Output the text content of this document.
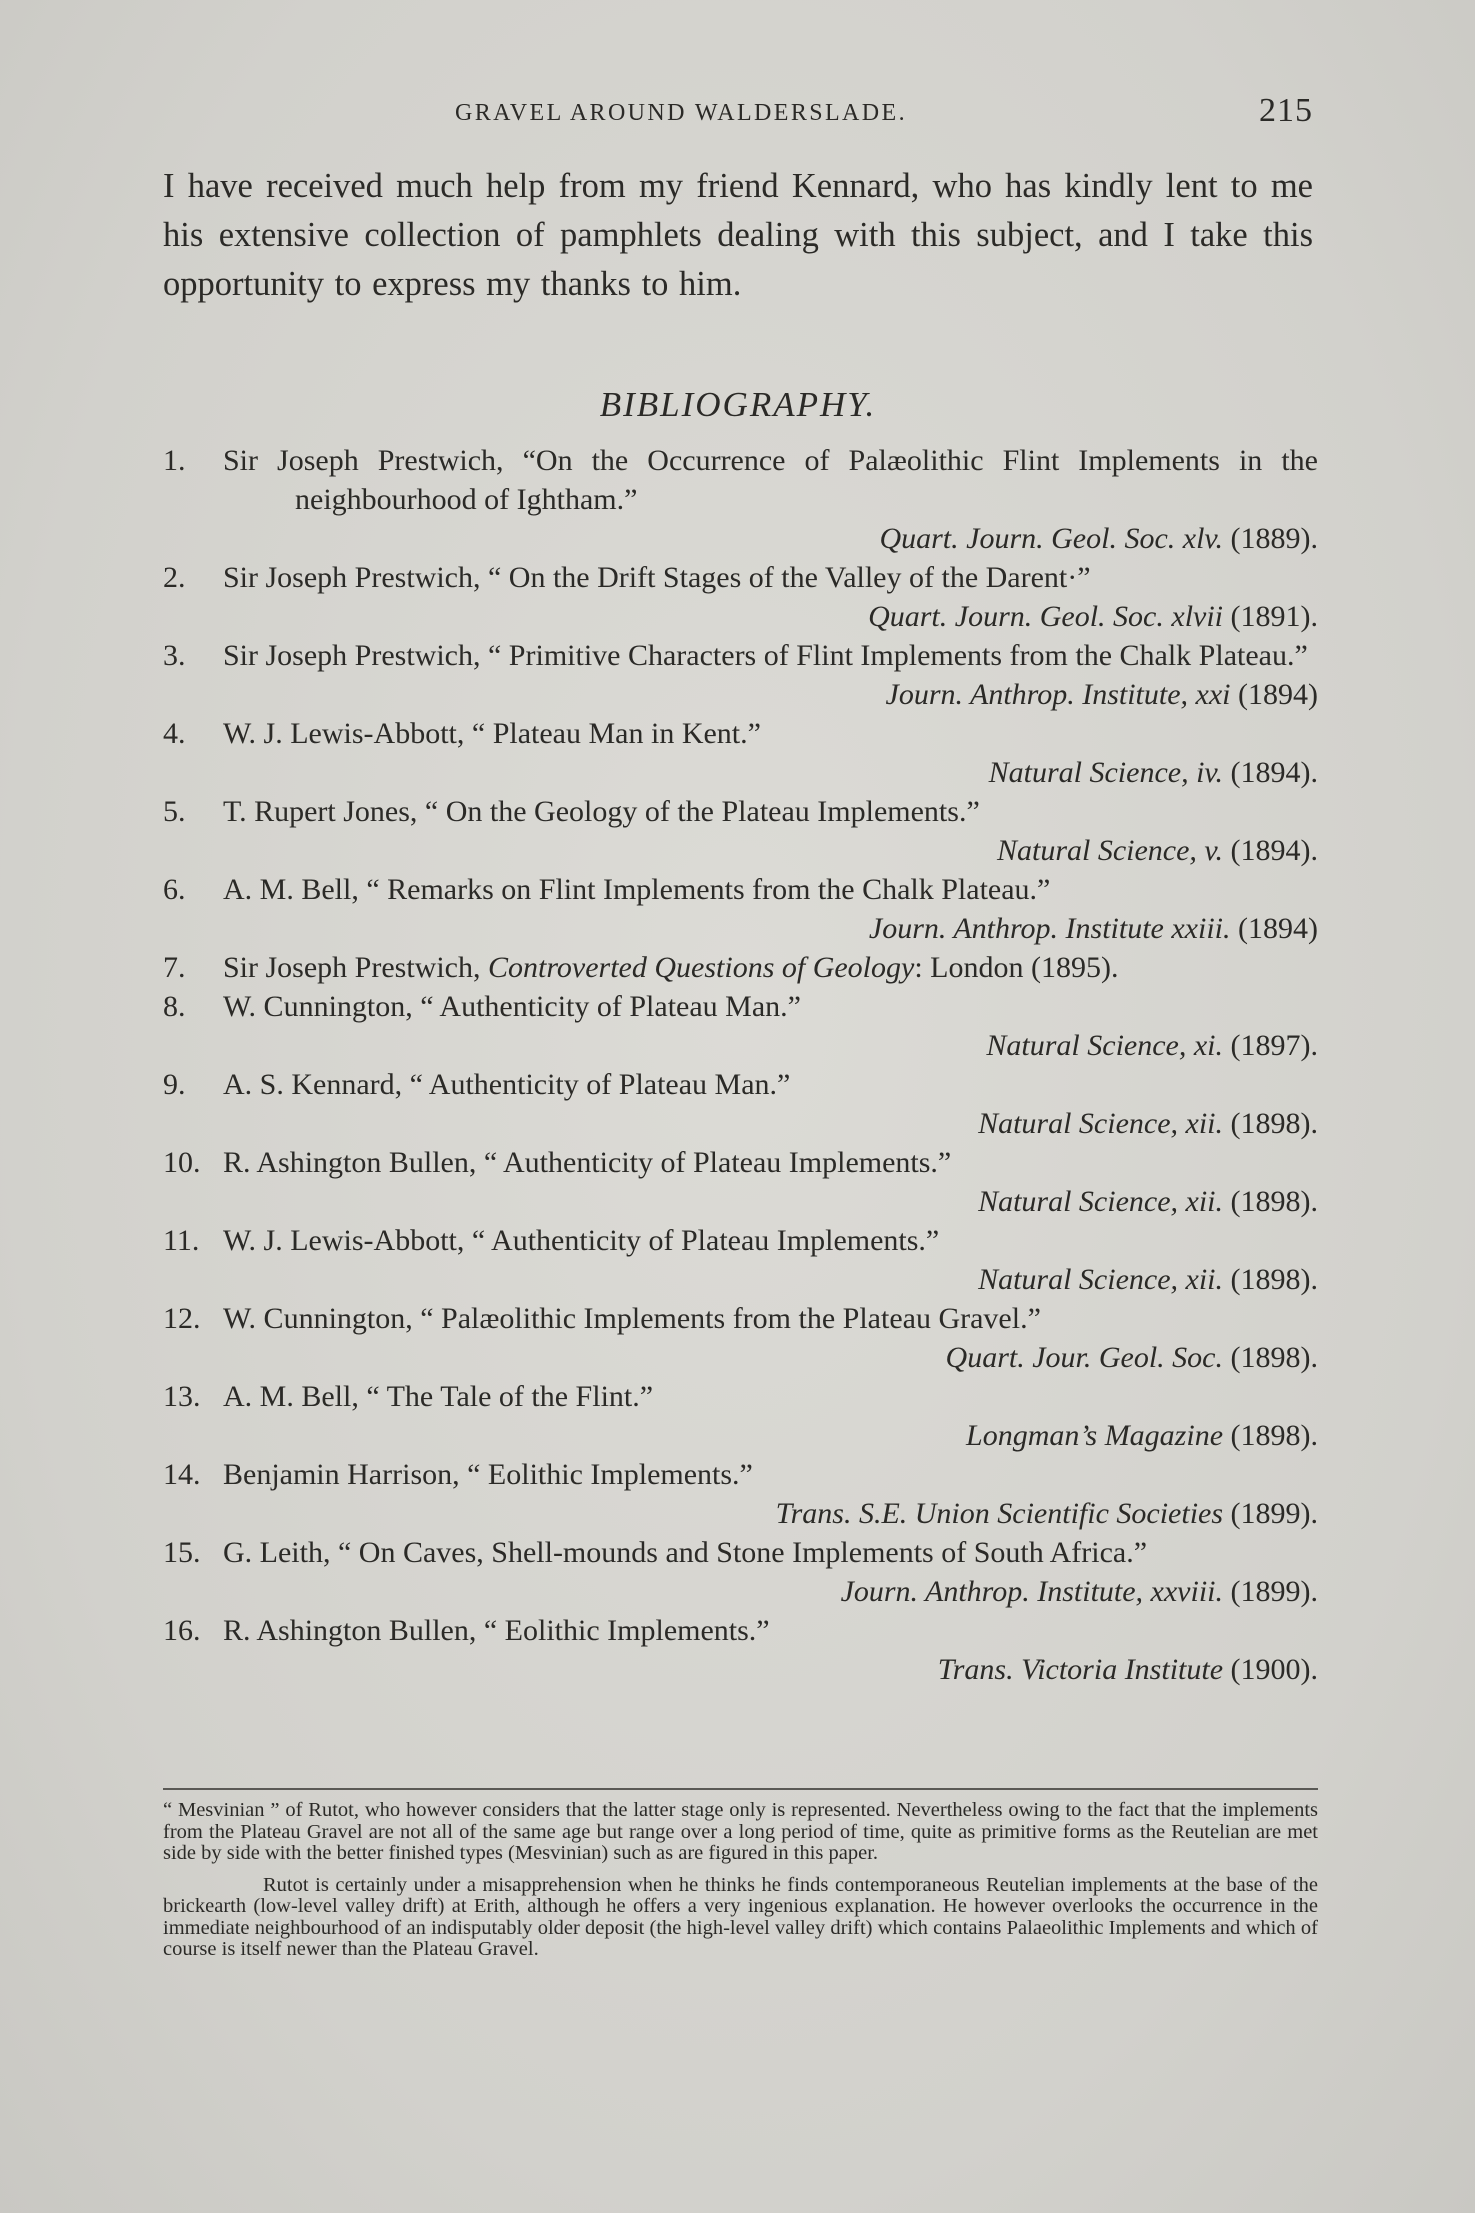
GRAVEL AROUND WALDERSLADE.	215

I have received much help from my friend Kennard, who has kindly lent to me his extensive collection of pamphlets dealing with this subject, and I take this opportunity to express my thanks to him.

BIBLIOGRAPHY.
1. Sir Joseph Prestwich, “On the Occurrence of Palæolithic Flint Implements in the neighbourhood of Ightham.”
Quart. Journ. Geol. Soc. xlv. (1889).
2. Sir Joseph Prestwich, “ On the Drift Stages of the Valley of the Darent·”
Quart. Journ. Geol. Soc. xlvii (1891).
3. Sir Joseph Prestwich, “ Primitive Characters of Flint Implements from the Chalk Plateau.”
Journ. Anthrop. Institute, xxi (1894)
4. W. J. Lewis-Abbott, “ Plateau Man in Kent.”
Natural Science, iv. (1894).
5. T. Rupert Jones, “ On the Geology of the Plateau Implements.”
Natural Science, v. (1894).
6. A. M. Bell, “ Remarks on Flint Implements from the Chalk Plateau.”
Journ. Anthrop. Institute xxiii. (1894)
7. Sir Joseph Prestwich, Controverted Questions of Geology: London (1895).
8. W. Cunnington, “ Authenticity of Plateau Man.”
Natural Science, xi. (1897).
9. A. S. Kennard, “ Authenticity of Plateau Man.”
Natural Science, xii. (1898).
10. R. Ashington Bullen, “ Authenticity of Plateau Implements.”
Natural Science, xii. (1898).
11. W. J. Lewis-Abbott, “ Authenticity of Plateau Implements.”
Natural Science, xii. (1898).
12. W. Cunnington, “ Palæolithic Implements from the Plateau Gravel.”
Quart. Jour. Geol. Soc. (1898).
13. A. M. Bell, “ The Tale of the Flint.”
Longman’s Magazine (1898).
14. Benjamin Harrison, “ Eolithic Implements.”
Trans. S.E. Union Scientific Societies (1899).
15. G. Leith, “ On Caves, Shell-mounds and Stone Implements of South Africa.”
Journ. Anthrop. Institute, xxviii. (1899).
16. R. Ashington Bullen, “ Eolithic Implements.”
Trans. Victoria Institute (1900).

“ Mesvinian ” of Rutot, who however considers that the latter stage only is represented. Nevertheless owing to the fact that the implements from the Plateau Gravel are not all of the same age but range over a long period of time, quite as primitive forms as the Reutelian are met side by side with the better finished types (Mesvinian) such as are figured in this paper.

Rutot is certainly under a misapprehension when he thinks he finds contemporaneous Reutelian implements at the base of the brickearth (low-level valley drift) at Erith, although he offers a very ingenious explanation. He however overlooks the occurrence in the immediate neighbourhood of an indisputably older deposit (the high-level valley drift) which contains Palaeolithic Implements and which of course is itself newer than the Plateau Gravel.
